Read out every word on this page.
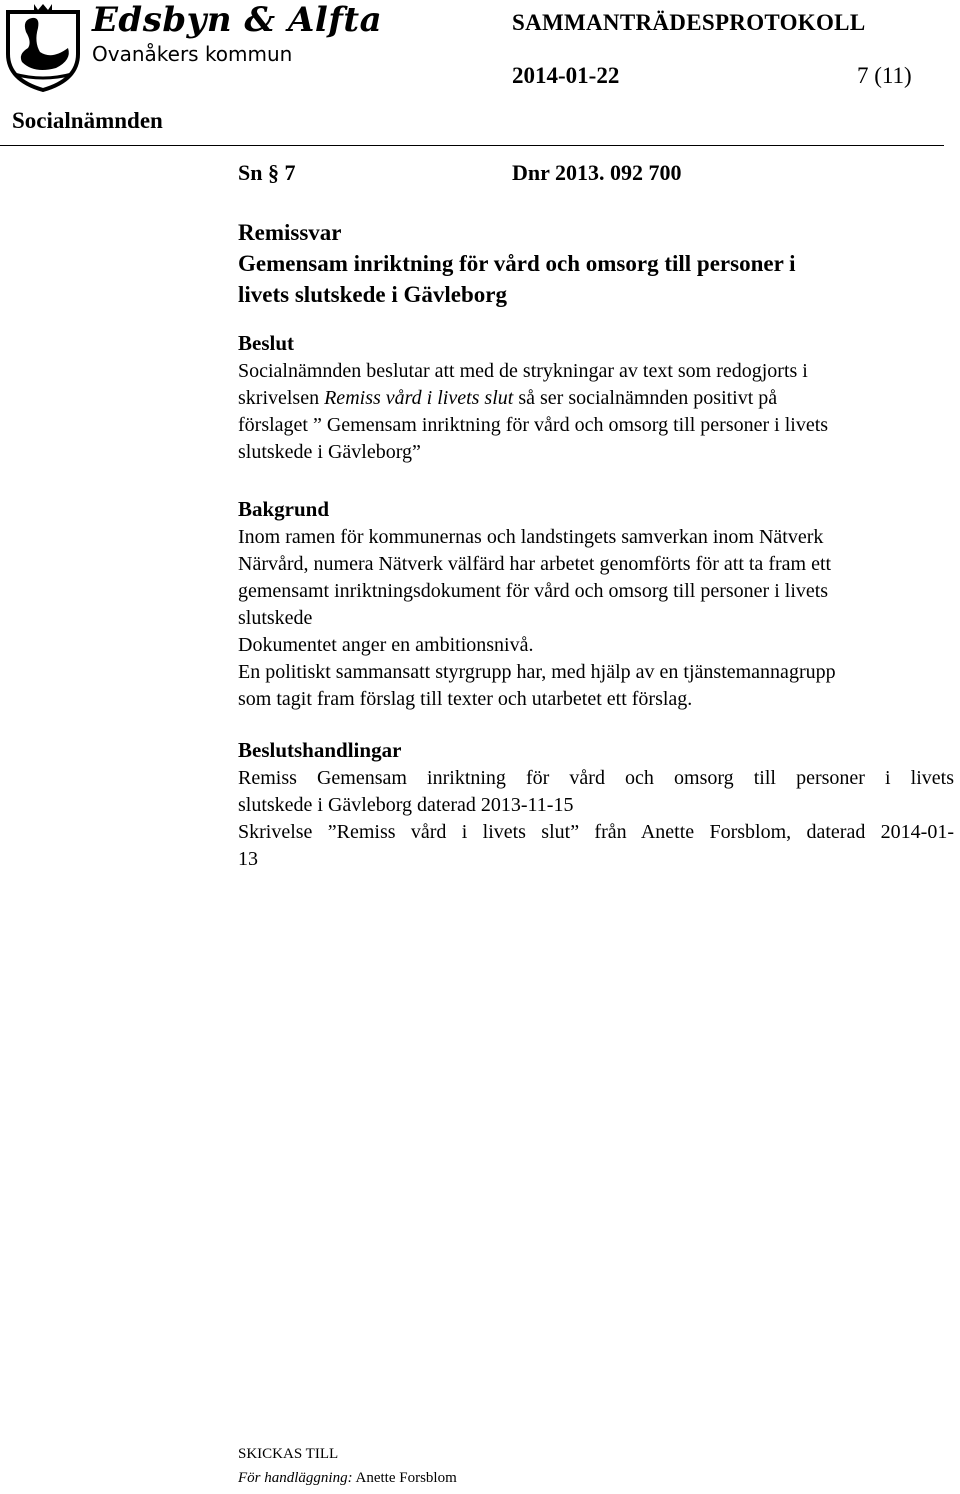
Edsbyn & Alfta
Ovanåkers kommun
SAMMANTRÄDESPROTOKOLL
2014-01-22	7 (11)
Socialnämnden
Sn § 7	Dnr 2013. 092 700
Remissvar
Gemensam inriktning för vård och omsorg till personer i
livets slutskede i Gävleborg
Beslut
Socialnämnden beslutar att med de strykningar av text som redogjorts i
skrivelsen Remiss vård i livets slut så ser socialnämnden positivt på
förslaget ” Gemensam inriktning för vård och omsorg till personer i livets
slutskede i Gävleborg”
Bakgrund
Inom ramen för kommunernas och landstingets samverkan inom Nätverk
Närvård, numera Nätverk välfärd har arbetet genomförts för att ta fram ett
gemensamt inriktningsdokument för vård och omsorg till personer i livets
slutskede
Dokumentet anger en ambitionsnivå.
En politiskt sammansatt styrgrupp har, med hjälp av en tjänstemannagrupp
som tagit fram förslag till texter och utarbetet ett förslag.
Beslutshandlingar
Remiss Gemensam inriktning för vård och omsorg till personer i livets
slutskede i Gävleborg daterad 2013-11-15
Skrivelse ”Remiss vård i livets slut” från Anette Forsblom, daterad 2014-01-
13
SKICKAS TILL
För handläggning: Anette Forsblom
